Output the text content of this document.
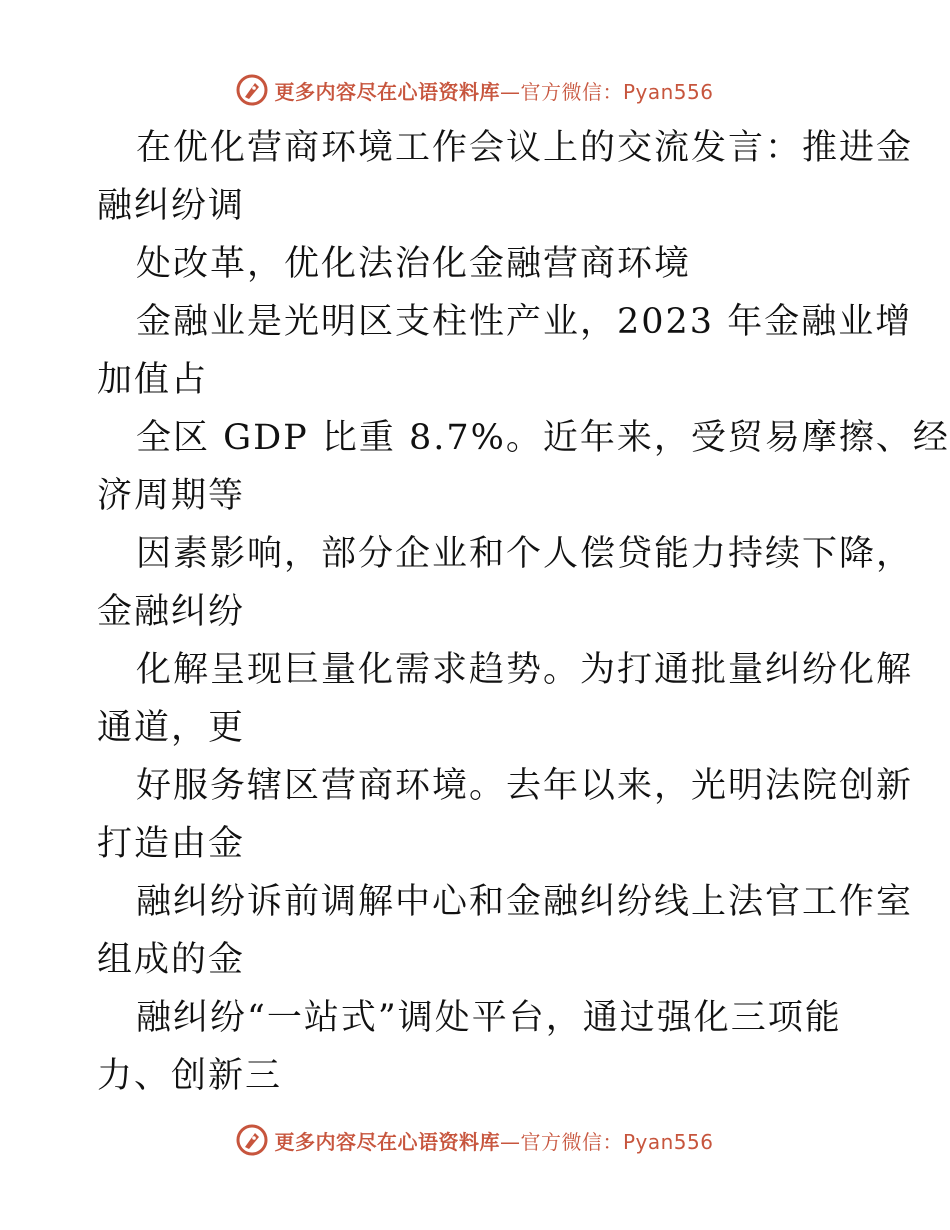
更多内容尽在心语资料库—官方微信：Pyan556
在优化营商环境工作会议上的交流发言：推进金
融纠纷调
处改革，优化法治化金融营商环境
金融业是光明区支柱性产业，2023 年金融业增
加值占
全区 GDP 比重 8.7%。近年来，受贸易摩擦、经
济周期等
因素影响，部分企业和个人偿贷能力持续下降，
金融纠纷
化解呈现巨量化需求趋势。为打通批量纠纷化解
通道，更
好服务辖区营商环境。去年以来，光明法院创新
打造由金
融纠纷诉前调解中心和金融纠纷线上法官工作室
组成的金
融纠纷“一站式”调处平台，通过强化三项能
力、创新三
更多内容尽在心语资料库—官方微信：Pyan556
